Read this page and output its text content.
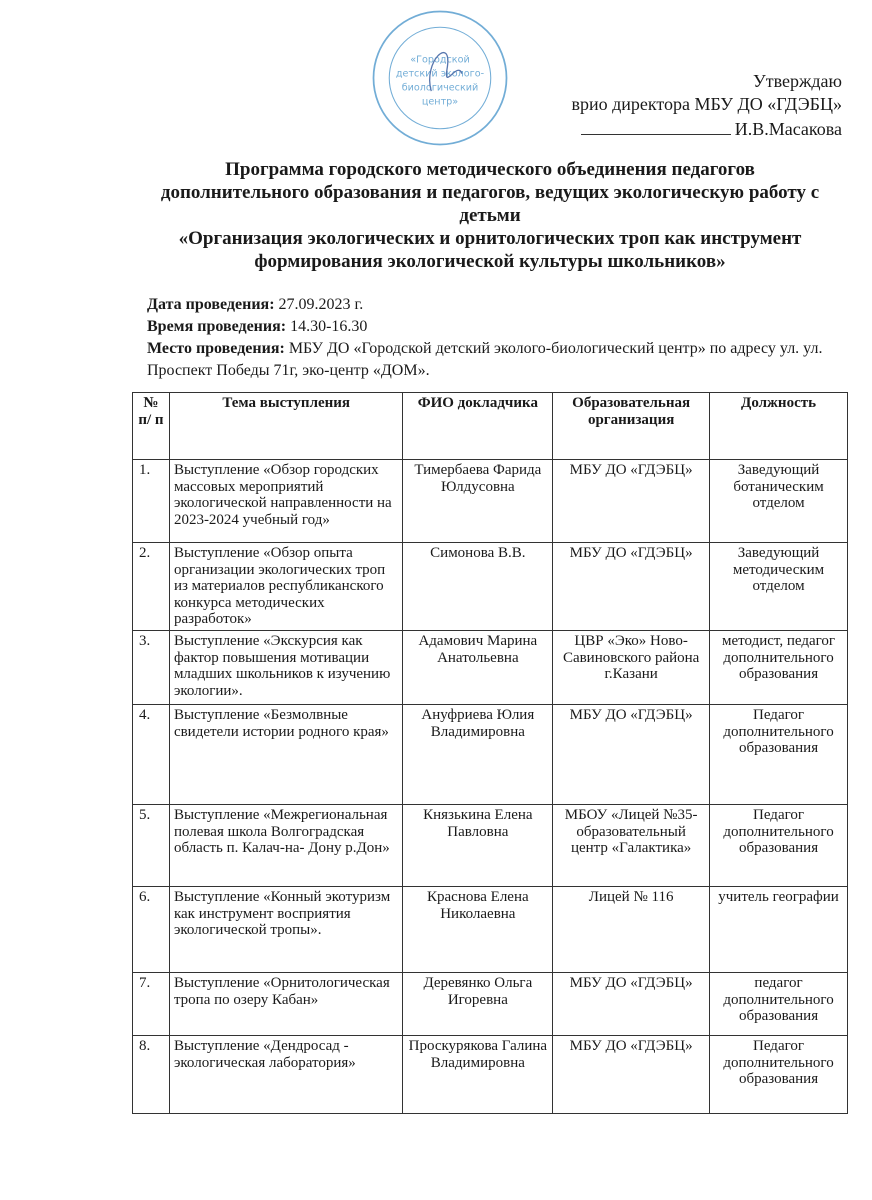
«Городской
детский эколого-
биологический
центр»
Утверждаю
врио директора МБУ ДО «ГДЭБЦ»
И.В.Масакова
Программа городского методического объединения педагогов
дополнительного образования и педагогов, ведущих экологическую работу с
детьми
«Организация экологических и орнитологических троп как инструмент
формирования экологической культуры школьников»
Дата проведения: 27.09.2023 г.
Время проведения: 14.30-16.30
Место проведения: МБУ ДО «Городской детский эколого-биологический центр» по адресу ул. ул. Проспект Победы 71г, эко-центр «ДОМ».
№ п/ п	Тема выступления	ФИО докладчика	Образовательная организация	Должность
1.	Выступление «Обзор городских массовых мероприятий экологической направленности на 2023-2024 учебный год»	Тимербаева Фарида Юлдусовна	МБУ ДО «ГДЭБЦ»	Заведующий ботаническим отделом
2.	Выступление «Обзор опыта организации экологических троп из материалов республиканского конкурса методических разработок»	Симонова В.В.	МБУ ДО «ГДЭБЦ»	Заведующий методическим отделом
3.	Выступление «Экскурсия как фактор повышения мотивации младших школьников к изучению экологии».	Адамович Марина Анатольевна	ЦВР «Эко» Ново-Савиновского района г.Казани	методист, педагог дополнительного образования
4.	Выступление «Безмолвные свидетели истории родного края»	Ануфриева Юлия Владимировна	МБУ ДО «ГДЭБЦ»	Педагог дополнительного образования
5.	Выступление «Межрегиональная полевая школа Волгоградская область п. Калач-на- Дону р.Дон»	Князькина Елена Павловна	МБОУ «Лицей №35-образовательный центр «Галактика»	Педагог дополнительного образования
6.	Выступление «Конный экотуризм как инструмент восприятия экологической тропы».	Краснова Елена Николаевна	Лицей № 116	учитель географии
7.	Выступление «Орнитологическая тропа по озеру Кабан»	Деревянко Ольга Игоревна	МБУ ДО «ГДЭБЦ»	педагог дополнительного образования
8.	Выступление «Дендросад - экологическая лаборатория»	Проскурякова Галина Владимировна	МБУ ДО «ГДЭБЦ»	Педагог дополнительного образования
